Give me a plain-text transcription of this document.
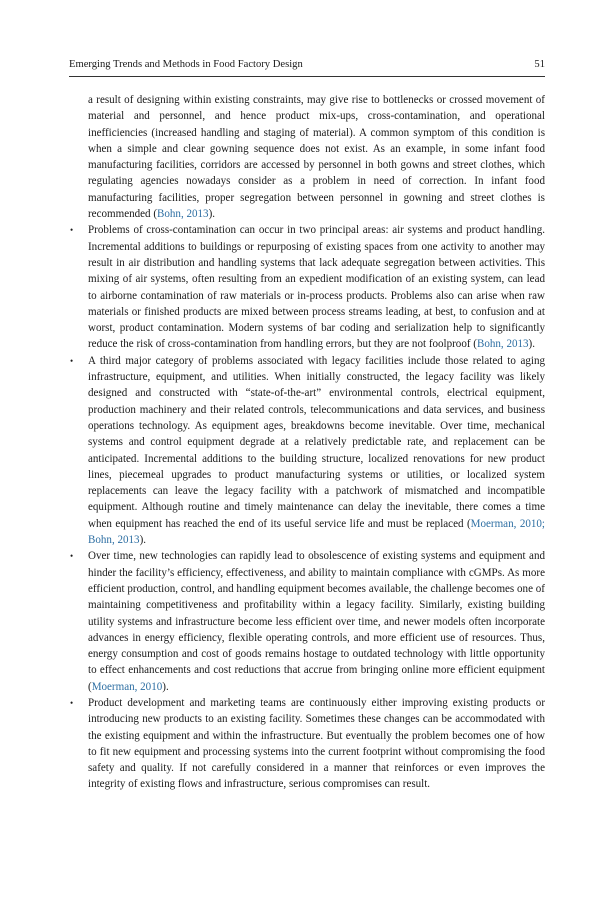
Emerging Trends and Methods in Food Factory Design	51

a result of designing within existing constraints, may give rise to bottlenecks or crossed movement of material and personnel, and hence product mix-ups, cross-contamination, and operational inefficiencies (increased handling and staging of material). A common symptom of this condition is when a simple and clear gowning sequence does not exist. As an example, in some infant food manufacturing facilities, corridors are accessed by personnel in both gowns and street clothes, which regulating agencies nowadays consider as a problem in need of correction. In infant food manufacturing facilities, proper segregation between personnel in gowning and street clothes is recommended (Bohn, 2013).

•	Problems of cross-contamination can occur in two principal areas: air systems and product handling. Incremental additions to buildings or repurposing of existing spaces from one activity to another may result in air distribution and handling systems that lack adequate segregation between activities. This mixing of air systems, often resulting from an expedient modification of an existing system, can lead to airborne contamination of raw materials or in-process products. Problems also can arise when raw materials or finished products are mixed between process streams leading, at best, to confusion and at worst, product contamination. Modern systems of bar coding and serialization help to significantly reduce the risk of cross-contamination from handling errors, but they are not foolproof (Bohn, 2013).

•	A third major category of problems associated with legacy facilities include those related to aging infrastructure, equipment, and utilities. When initially constructed, the legacy facility was likely designed and constructed with “state-of-the-art” environmental controls, electrical equipment, production machinery and their related controls, telecommunications and data services, and business operations technology. As equipment ages, breakdowns become inevitable. Over time, mechanical systems and control equipment degrade at a relatively predictable rate, and replacement can be anticipated. Incremental additions to the building structure, localized renovations for new product lines, piecemeal upgrades to product manufacturing systems or utilities, or localized system replacements can leave the legacy facility with a patchwork of mismatched and incompatible equipment. Although routine and timely maintenance can delay the inevitable, there comes a time when equipment has reached the end of its useful service life and must be replaced (Moerman, 2010; Bohn, 2013).

•	Over time, new technologies can rapidly lead to obsolescence of existing systems and equipment and hinder the facility’s efficiency, effectiveness, and ability to maintain compliance with cGMPs. As more efficient production, control, and handling equipment becomes available, the challenge becomes one of maintaining competitiveness and profitability within a legacy facility. Similarly, existing building utility systems and infrastructure become less efficient over time, and newer models often incorporate advances in energy efficiency, flexible operating controls, and more efficient use of resources. Thus, energy consumption and cost of goods remains hostage to outdated technology with little opportunity to effect enhancements and cost reductions that accrue from bringing online more efficient equipment (Moerman, 2010).

•	Product development and marketing teams are continuously either improving existing products or introducing new products to an existing facility. Sometimes these changes can be accommodated with the existing equipment and within the infrastructure. But eventually the problem becomes one of how to fit new equipment and processing systems into the current footprint without compromising the food safety and quality. If not carefully considered in a manner that reinforces or even improves the integrity of existing flows and infrastructure, serious compromises can result.
